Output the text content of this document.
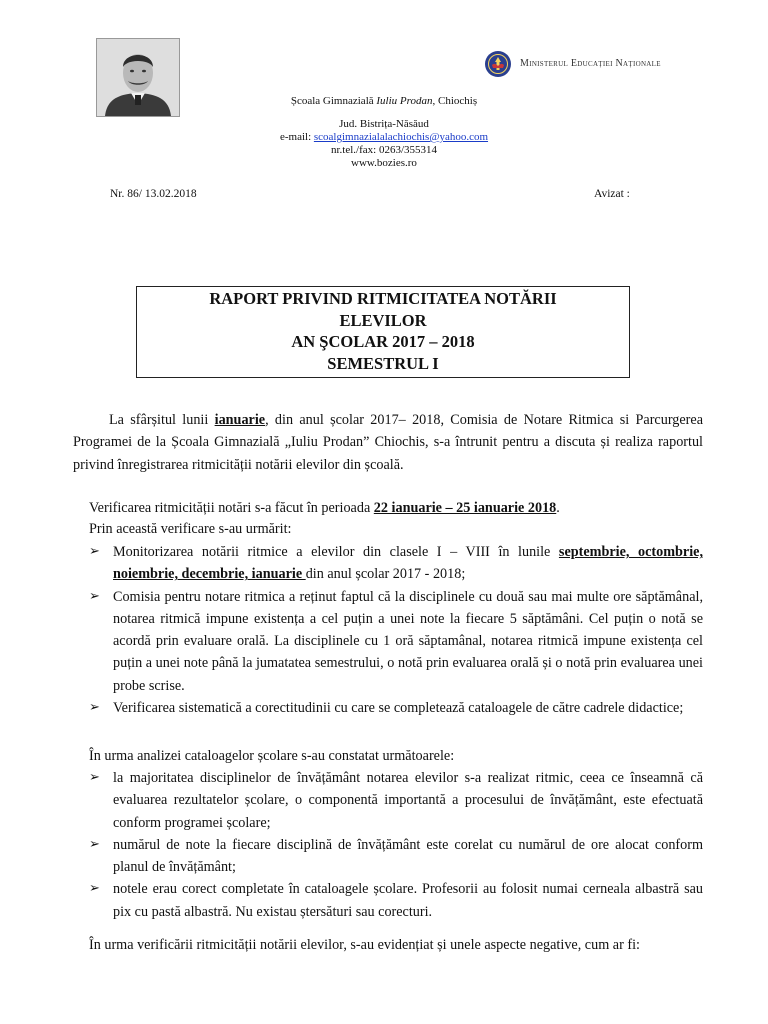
Ministerul Educației Naționale
Școala Gimnazială Iuliu Prodan, Chiochiș
Jud. Bistrița-Năsăud
e-mail: scoalgimnazialalachiochis@yahoo.com
nr.tel./fax: 0263/355314
www.bozies.ro
Nr. 86/ 13.02.2018	Avizat :
RAPORT PRIVIND RITMICITATEA NOTĂRII
ELEVILOR
AN ŞCOLAR 2017 – 2018
SEMESTRUL I
La sfârșitul lunii ianuarie, din anul școlar 2017– 2018, Comisia de Notare Ritmica si Parcurgerea Programei de la Școala Gimnazială „Iuliu Prodan” Chiochis, s-a întrunit pentru a discuta și realiza raportul privind înregistrarea ritmicității notării elevilor din școală.
Verificarea ritmicității notări s-a făcut în perioada 22 ianuarie – 25 ianuarie 2018.
Prin această verificare s-au urmărit:
➢ Monitorizarea notării ritmice a elevilor din clasele I – VIII în lunile septembrie, octombrie, noiembrie, decembrie, ianuarie din anul școlar 2017 - 2018;
➢ Comisia pentru notare ritmica a reținut faptul că la disciplinele cu două sau mai multe ore săptămânal, notarea ritmică impune existența a cel puțin a unei note la fiecare 5 săptămâni. Cel puțin o notă se acordă prin evaluare orală. La disciplinele cu 1 oră săptamânal, notarea ritmică impune existența cel puțin a unei note până la jumatatea semestrului, o notă prin evaluarea orală și o notă prin evaluarea unei probe scrise.
➢ Verificarea sistematică a corectitudinii cu care se completează cataloagele de către cadrele didactice;
În urma analizei cataloagelor școlare s-au constatat următoarele:
➢ la majoritatea disciplinelor de învățământ notarea elevilor s-a realizat ritmic, ceea ce înseamnă că evaluarea rezultatelor școlare, o componentă importantă a procesului de învățământ, este efectuată conform programei școlare;
➢ numărul de note la fiecare disciplină de învățământ este corelat cu numărul de ore alocat conform planul de învățământ;
➢ notele erau corect completate în cataloagele școlare. Profesorii au folosit numai cerneala albastră sau pix cu pastă albastră. Nu existau ștersături sau corecturi.
În urma verificării ritmicității notării elevilor, s-au evidențiat și unele aspecte negative, cum ar fi:
